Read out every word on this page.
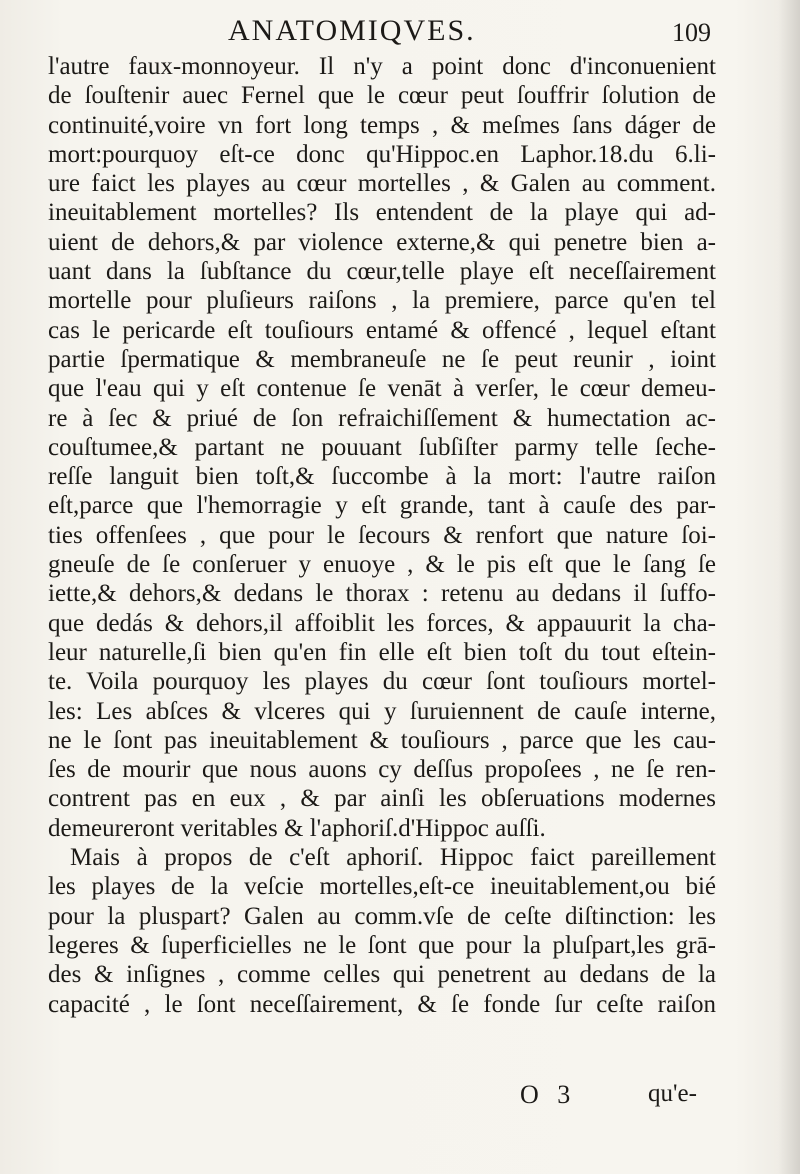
ANATOMIQVES.	109
l'autre faux-monnoyeur. Il n'y a point donc d'inconuenient
de ſouſtenir auec Fernel que le cœur peut ſouffrir ſolution de
continuité,voire vn fort long temps , & meſmes ſans dáger de
mort:pourquoy eſt-ce donc qu'Hippoc.en Laphor.18.du 6.li-
ure faict les playes au cœur mortelles , & Galen au comment.
ineuitablement mortelles? Ils entendent de la playe qui ad-
uient de dehors,& par violence externe,& qui penetre bien a-
uant dans la ſubſtance du cœur,telle playe eſt neceſſairement
mortelle pour pluſieurs raiſons , la premiere, parce qu'en tel
cas le pericarde eſt touſiours entamé & offencé , lequel eſtant
partie ſpermatique & membraneuſe ne ſe peut reunir , ioint
que l'eau qui y eſt contenue ſe venāt à verſer, le cœur demeu-
re à ſec & priué de ſon refraichiſſement & humectation ac-
couſtumee,& partant ne pouuant ſubſiſter parmy telle ſeche-
reſſe languit bien toſt,& ſuccombe à la mort: l'autre raiſon
eſt,parce que l'hemorragie y eſt grande, tant à cauſe des par-
ties offenſees , que pour le ſecours & renfort que nature ſoi-
gneuſe de ſe conſeruer y enuoye , & le pis eſt que le ſang ſe
iette,& dehors,& dedans le thorax : retenu au dedans il ſuffo-
que dedás & dehors,il affoiblit les forces, & appauurit la cha-
leur naturelle,ſi bien qu'en fin elle eſt bien toſt du tout eſtein-
te. Voila pourquoy les playes du cœur ſont touſiours mortel-
les: Les abſces & vlceres qui y ſuruiennent de cauſe interne,
ne le ſont pas ineuitablement & touſiours , parce que les cau-
ſes de mourir que nous auons cy deſſus propoſees , ne ſe ren-
contrent pas en eux , & par ainſi les obſeruations modernes
demeureront veritables & l'aphoriſ.d'Hippoc auſſi.
Mais à propos de c'eſt aphoriſ. Hippoc faict pareillement
les playes de la veſcie mortelles,eſt-ce ineuitablement,ou bié
pour la pluspart? Galen au comm.vſe de ceſte diſtinction: les
legeres & ſuperficielles ne le ſont que pour la pluſpart,les grā-
des & inſignes , comme celles qui penetrent au dedans de la
capacité , le ſont neceſſairement, & ſe fonde ſur ceſte raiſon
O 3	qu'e-
